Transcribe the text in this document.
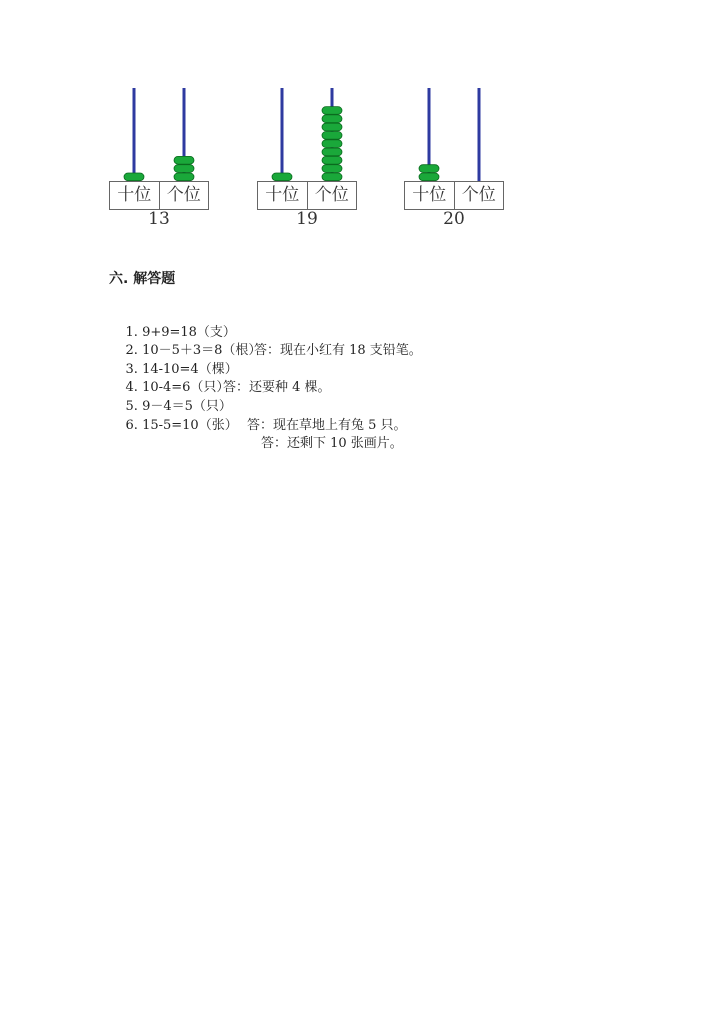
十位 个位
13
十位 个位
19
十位 个位
20
六. 解答题

1. 9+9=18（支）

答：现在小红有 18 支铅笔。

2. 10－5＋3＝8（根）

3. 14-10=4（棵）

答：还要种 4 棵。

4. 10-4=6（只）

5. 9－4＝5（只）

答：现在草地上有兔 5 只。

6. 15-5=10（张）

答：还剩下 10 张画片。
